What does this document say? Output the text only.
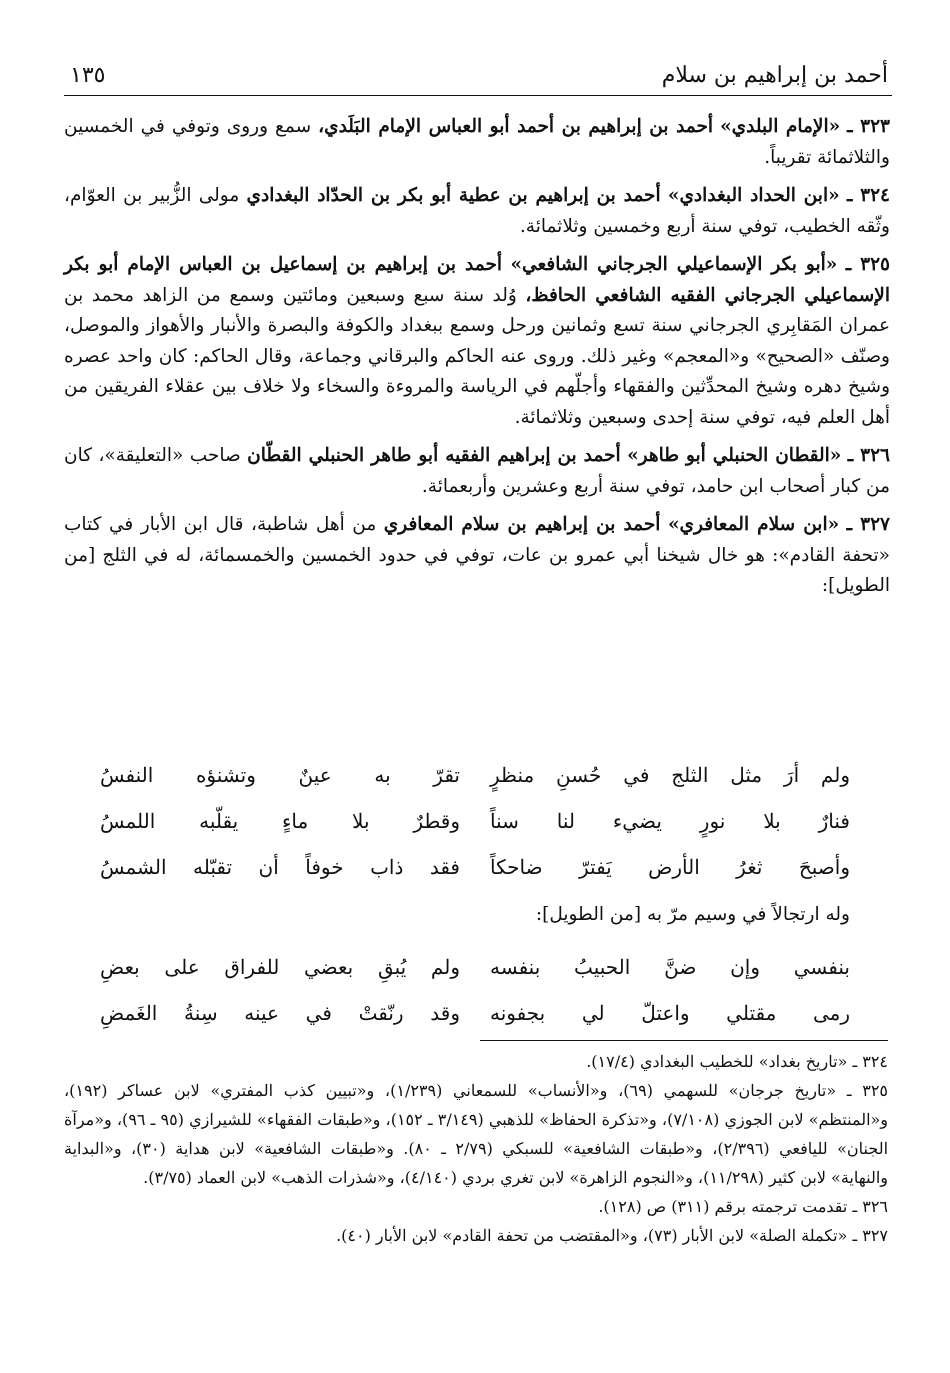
أحمد بن إبراهيم بن سلام
١٣٥

٣٢٣ ـ «الإمام البلدي» أحمد بن إبراهيم بن أحمد أبو العباس الإمام البَلَدي، سمع وروى وتوفي في الخمسين والثلاثمائة تقريباً.

٣٢٤ ـ «ابن الحداد البغدادي» أحمد بن إبراهيم بن عطية أبو بكر بن الحدّاد البغدادي مولى الزُّبير بن العوّام، وثّقه الخطيب، توفي سنة أربع وخمسين وثلاثمائة.

٣٢٥ ـ «أبو بكر الإسماعيلي الجرجاني الشافعي» أحمد بن إبراهيم بن إسماعيل بن العباس الإمام أبو بكر الإسماعيلي الجرجاني الفقيه الشافعي الحافظ، وُلد سنة سبع وسبعين ومائتين وسمع من الزاهد محمد بن عمران المَقابِري الجرجاني سنة تسع وثمانين ورحل وسمع ببغداد والكوفة والبصرة والأنبار والأهواز والموصل، وصنّف «الصحيح» و«المعجم» وغير ذلك. وروى عنه الحاكم والبرقاني وجماعة، وقال الحاكم: كان واحد عصره وشيخ دهره وشيخ المحدِّثين والفقهاء وأجلّهم في الرياسة والمروءة والسخاء ولا خلاف بين عقلاء الفريقين من أهل العلم فيه، توفي سنة إحدى وسبعين وثلاثمائة.

٣٢٦ ـ «القطان الحنبلي أبو طاهر» أحمد بن إبراهيم الفقيه أبو طاهر الحنبلي القطّان صاحب «التعليقة»، كان من كبار أصحاب ابن حامد، توفي سنة أربع وعشرين وأربعمائة.

٣٢٧ ـ «ابن سلام المعافري» أحمد بن إبراهيم بن سلام المعافري من أهل شاطبة، قال ابن الأبار في كتاب «تحفة القادم»: هو خال شيخنا أبي عمرو بن عات، توفي في حدود الخمسين والخمسمائة، له في الثلج [من الطويل]:

ولم أرَ مثل الثلج في حُسنِ منظرٍ
تقرّ به عينٌ وتشنؤه النفسُ
فنارٌ بلا نورٍ يضيء لنا سناً
وقطرٌ بلا ماءٍ يقلّبه اللمسُ
وأصبحَ ثغرُ الأرض يَفترّ ضاحكاً
فقد ذاب خوفاً أن تقبّله الشمسُ
وله ارتجالاً في وسيم مرّ به [من الطويل]:
بنفسي وإن ضنَّ الحبيبُ بنفسه
ولم يُبقِ بعضي للفراق على بعضِ
رمى مقتلي واعتلّ لي بجفونه
وقد رنّقتْ في عينه سِنةُ الغَمضِ

٣٢٤ ـ «تاريخ بغداد» للخطيب البغدادي (١٧/٤).

٣٢٥ ـ «تاريخ جرجان» للسهمي (٦٩)، و«الأنساب» للسمعاني (١/٢٣٩)، و«تبيين كذب المفتري» لابن عساكر (١٩٢)، و«المنتظم» لابن الجوزي (٧/١٠٨)، و«تذكرة الحفاظ» للذهبي (٣/١٤٩ ـ ١٥٢)، و«طبقات الفقهاء» للشيرازي (٩٥ ـ ٩٦)، و«مرآة الجنان» لليافعي (٢/٣٩٦)، و«طبقات الشافعية» للسبكي (٢/٧٩ ـ ٨٠). و«طبقات الشافعية» لابن هداية (٣٠)، و«البداية والنهاية» لابن كثير (١١/٢٩٨)، و«النجوم الزاهرة» لابن تغري بردي (٤/١٤٠)، و«شذرات الذهب» لابن العماد (٣/٧٥).

٣٢٦ ـ تقدمت ترجمته برقم (٣١١) ص (١٢٨).

٣٢٧ ـ «تكملة الصلة» لابن الأبار (٧٣)، و«المقتضب من تحفة القادم» لابن الأبار (٤٠).
